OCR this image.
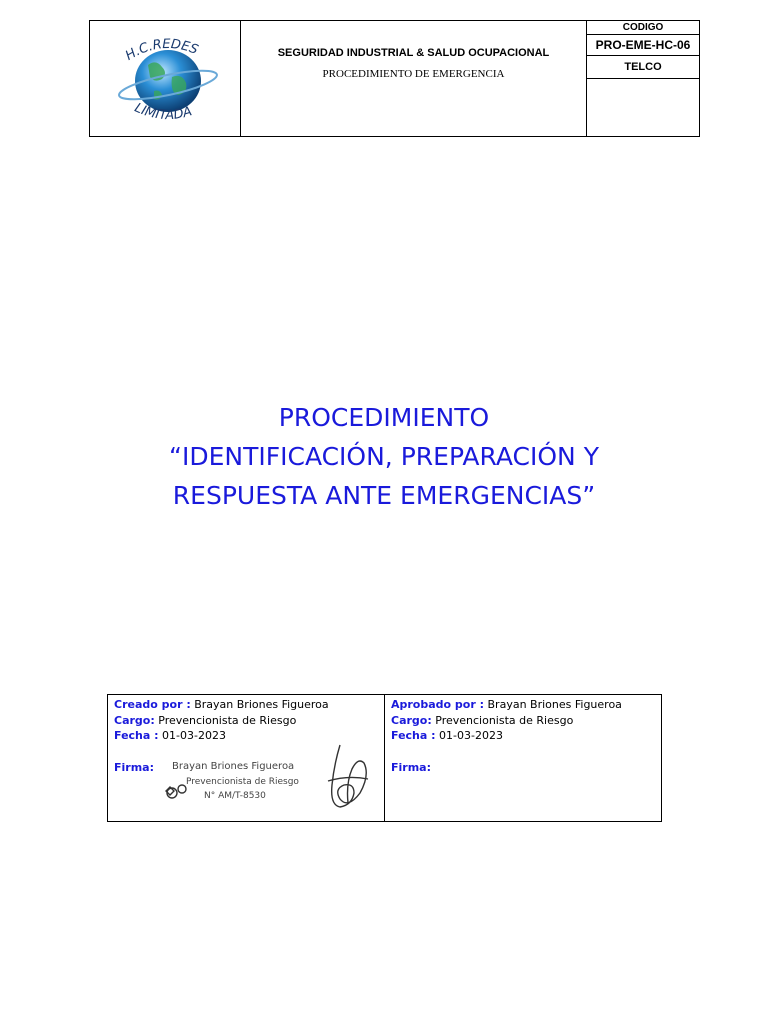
H.C.REDES
LIMITADA
SEGURIDAD INDUSTRIAL & SALUD OCUPACIONAL
PROCEDIMIENTO DE EMERGENCIA
CODIGO
PRO-EME-HC-06
TELCO
PROCEDIMIENTO
“IDENTIFICACIÓN, PREPARACIÓN Y
RESPUESTA ANTE EMERGENCIAS”
Creado por : Brayan Briones Figueroa
Cargo: Prevencionista de Riesgo
Fecha : 01-03-2023
Firma:	Brayan Briones Figueroa
Prevencionista de Riesgo
N° AM/T-8530
Aprobado por : Brayan Briones Figueroa
Cargo: Prevencionista de Riesgo
Fecha : 01-03-2023
Firma:
